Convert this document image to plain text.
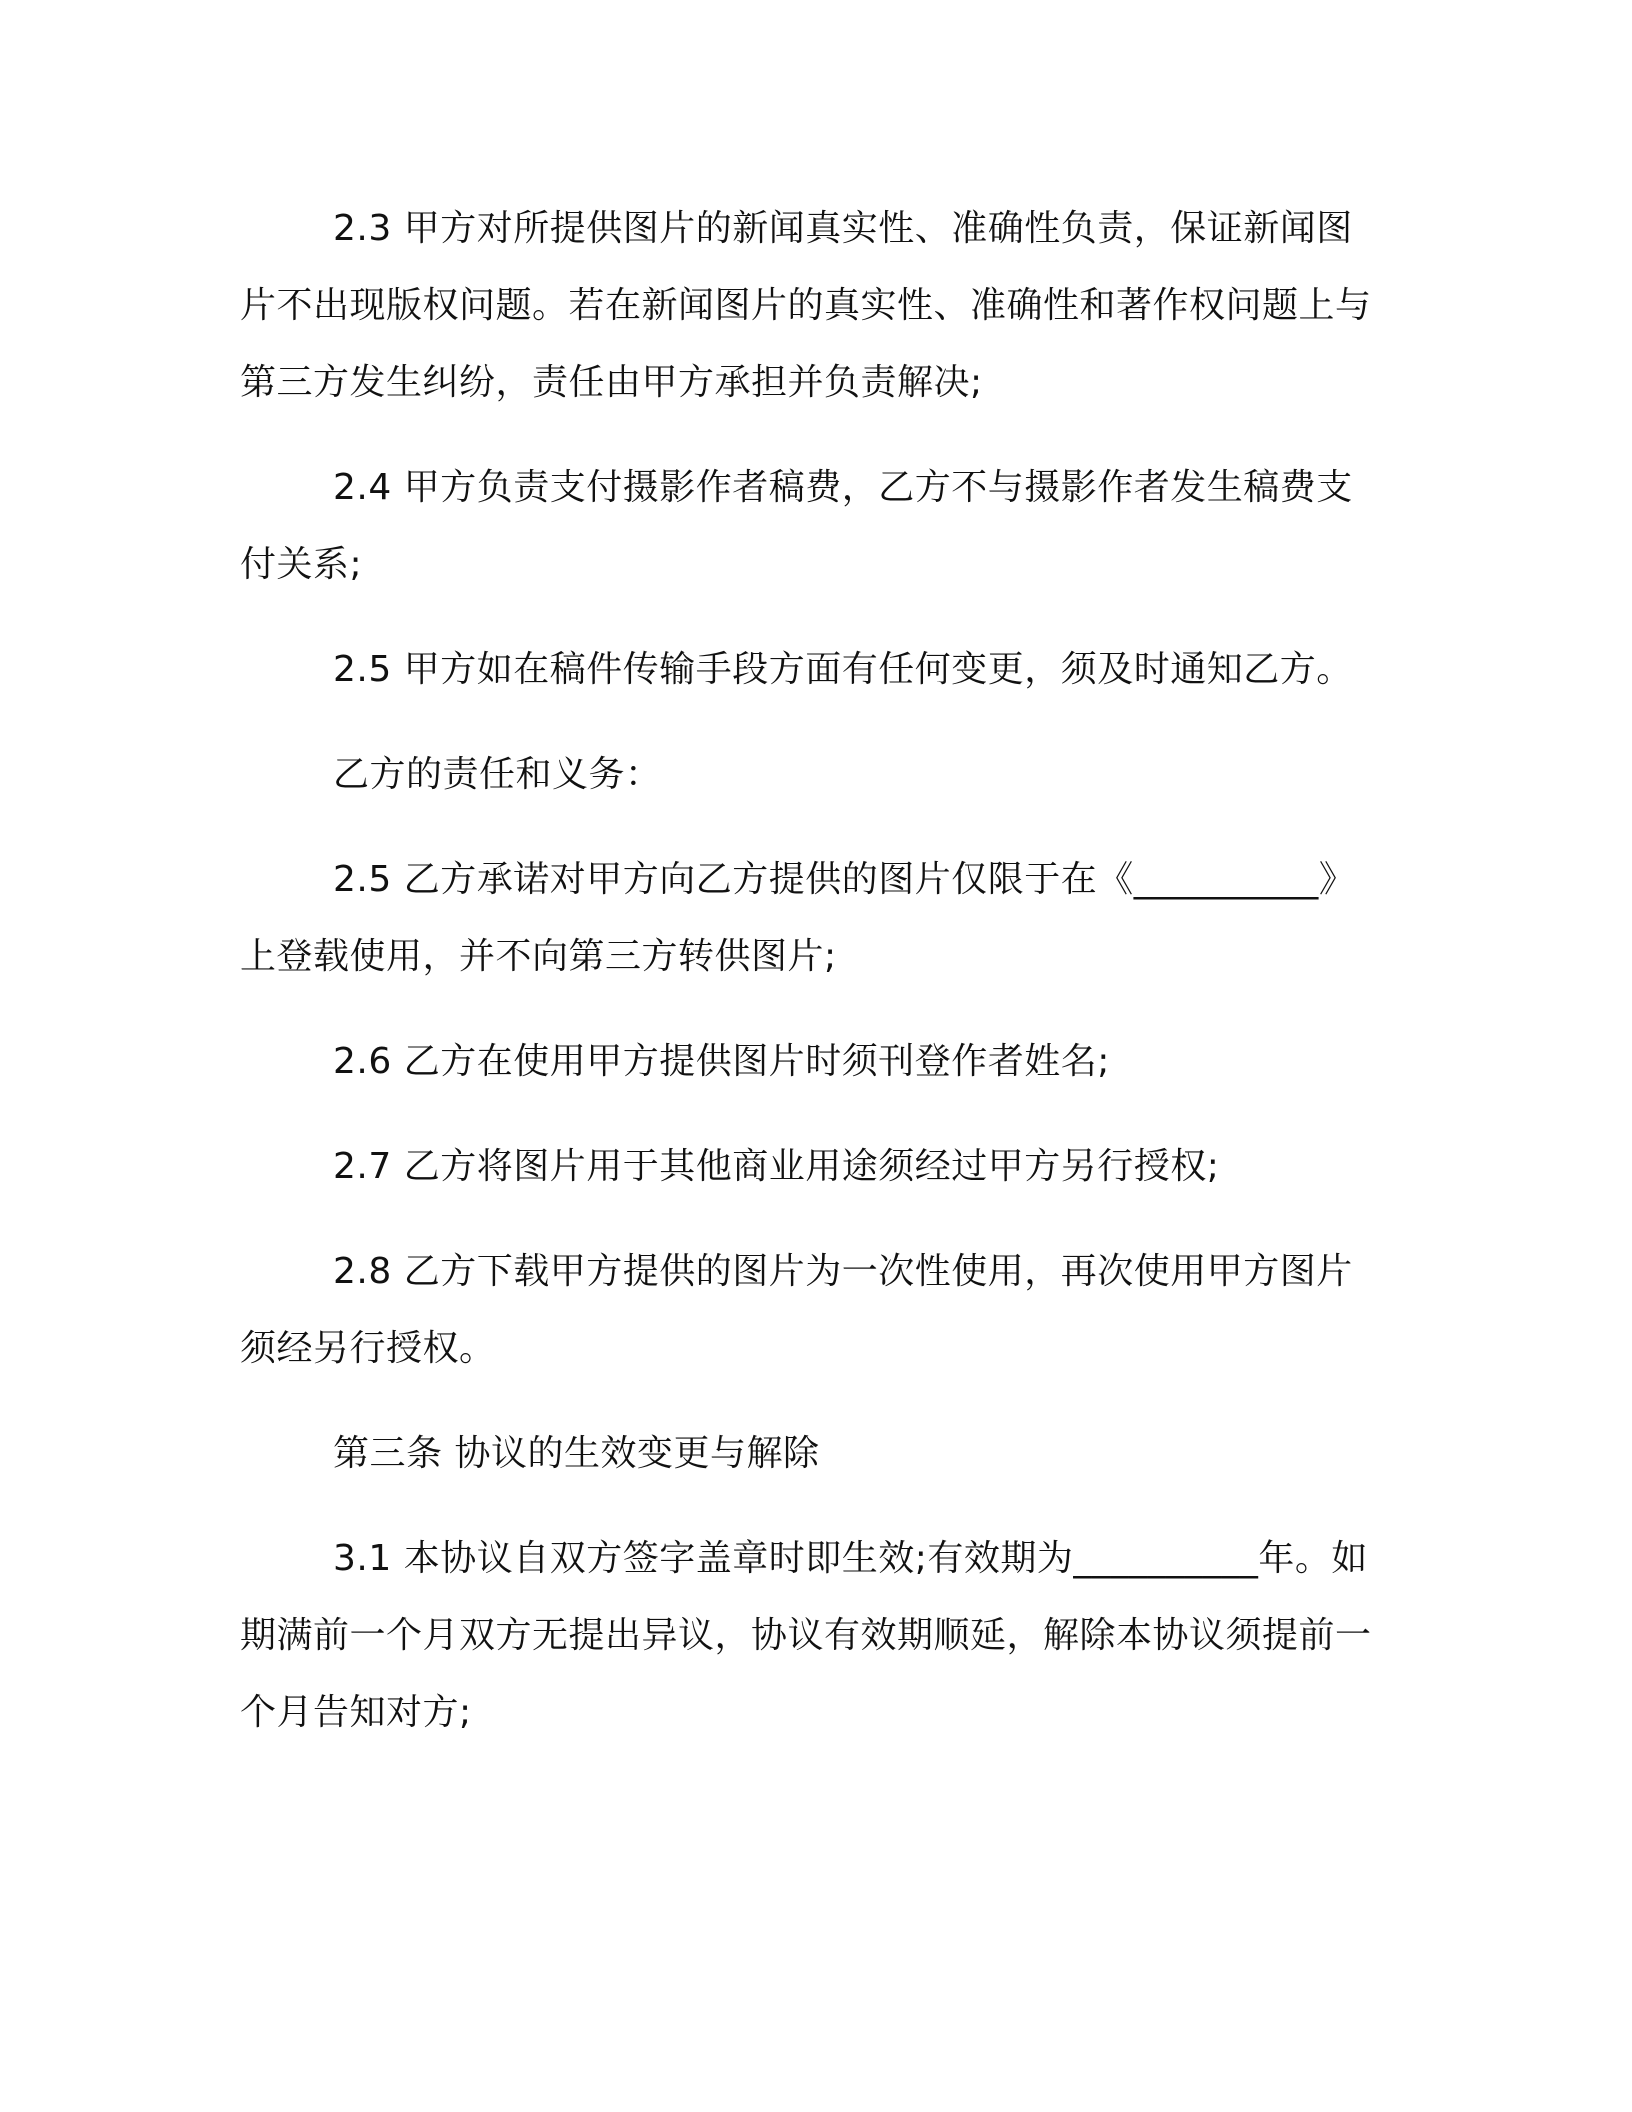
2.3 甲方对所提供图片的新闻真实性、准确性负责，保证新闻图片不出现版权问题。若在新闻图片的真实性、准确性和著作权问题上与第三方发生纠纷，责任由甲方承担并负责解决;

2.4 甲方负责支付摄影作者稿费，乙方不与摄影作者发生稿费支付关系;

2.5 甲方如在稿件传输手段方面有任何变更，须及时通知乙方。

乙方的责任和义务：

2.5 乙方承诺对甲方向乙方提供的图片仅限于在《__________》上登载使用，并不向第三方转供图片;

2.6 乙方在使用甲方提供图片时须刊登作者姓名;

2.7 乙方将图片用于其他商业用途须经过甲方另行授权;

2.8 乙方下载甲方提供的图片为一次性使用，再次使用甲方图片须经另行授权。

第三条 协议的生效变更与解除

3.1 本协议自双方签字盖章时即生效;有效期为__________年。如期满前一个月双方无提出异议，协议有效期顺延，解除本协议须提前一个月告知对方;
